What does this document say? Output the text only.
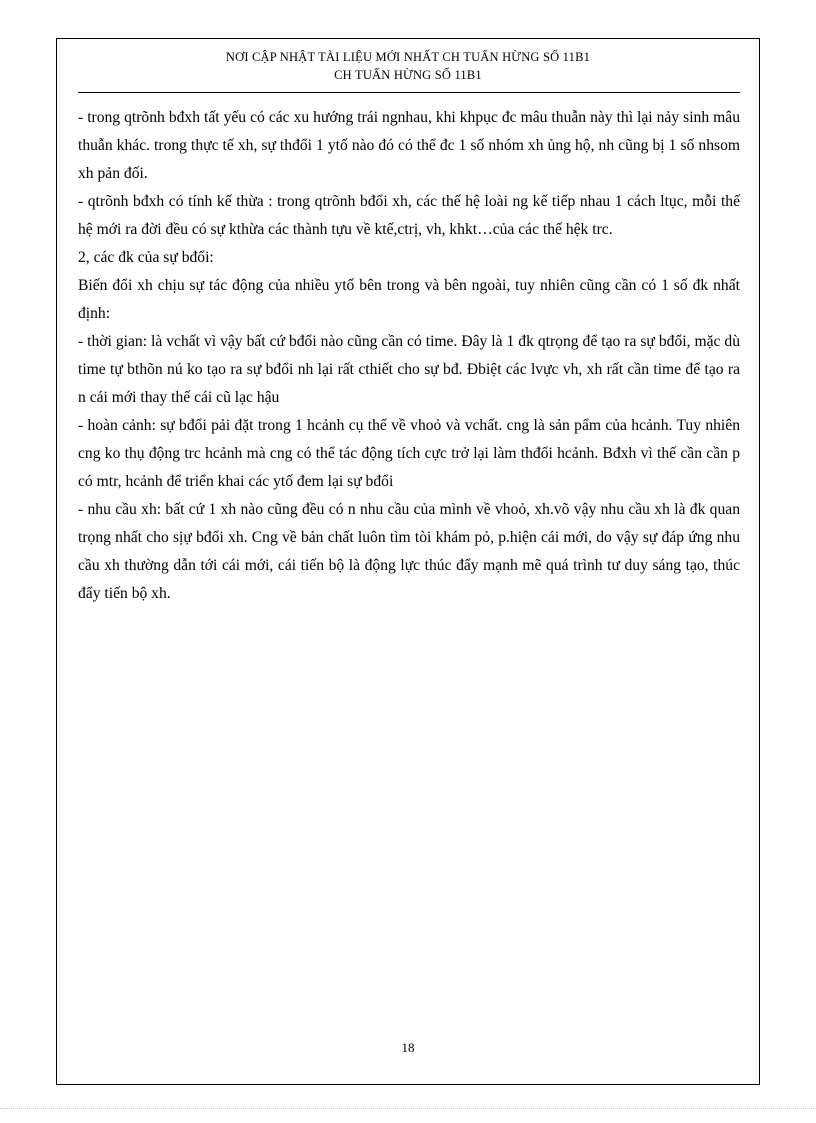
NƠI CẬP NHẬT TÀI LIỆU MỚI NHẤT CH TUẤN HỪNG SỐ 11B1
CH TUẤN HỪNG SỐ 11B1

- trong qtrõnh bđxh tất yếu có các xu hướng trái ngnhau, khi khpục đc mâu thuẫn này thì lại nảy sinh mâu thuẫn khác. trong thực tế xh, sự thđổi 1 ytố nào đó có thể đc 1 số nhóm xh ủng hộ, nh cũng bị 1 số nhsom xh pản đối.

- qtrõnh bđxh có tính kế thừa : trong qtrõnh bđổi xh, các thế hệ loài ng kế tiếp nhau 1 cách ltục, mỗi thế hệ mới ra đời đều có sự kthừa các thành tựu về ktế,ctrị, vh, khkt…của các thế hệk trc.

2, các đk của sự bđổi:

Biến đổi xh chịu sự tác động của nhiều ytố bên trong và bên ngoài, tuy nhiên cũng cần có 1 số đk nhất định:

- thời gian: là vchất vì vậy bất cứ bđổi nào cũng cần có time. Đây là 1 đk qtrọng để tạo ra sự bđổi, mặc dù time tự bthõn nú ko tạo ra sự bđổi nh lại rất cthiết cho sự bđ. Đbiệt các lvực vh, xh rất cần time để tạo ra n cái mới thay thế cái cũ lạc hậu

- hoàn cảnh: sự bđổi pải đặt trong 1 hcảnh cụ thể về vhoỏ và vchất. cng là sản pẩm của hcảnh. Tuy nhiên cng ko thụ động trc hcảnh mà cng có thể tác động tích cực trở lại làm thđổi hcảnh. Bđxh vì thế cần cần p có mtr, hcảnh để triển khai các ytố đem lại sự bđổi

- nhu cầu xh: bất cứ 1 xh nào cũng đều có n nhu cầu của mình về vhoỏ, xh.võ vậy nhu cầu xh là đk quan trọng nhất cho sịự bđổi xh. Cng về bản chất luôn tìm tòi khám pỏ, p.hiện cái mới, do vậy sự đáp ứng nhu cầu xh thường dẫn tới cái mới, cái tiến bộ là động lực thúc đẩy mạnh mẽ quá trình tư duy sáng tạo, thúc đẩy tiến bộ xh.

18
